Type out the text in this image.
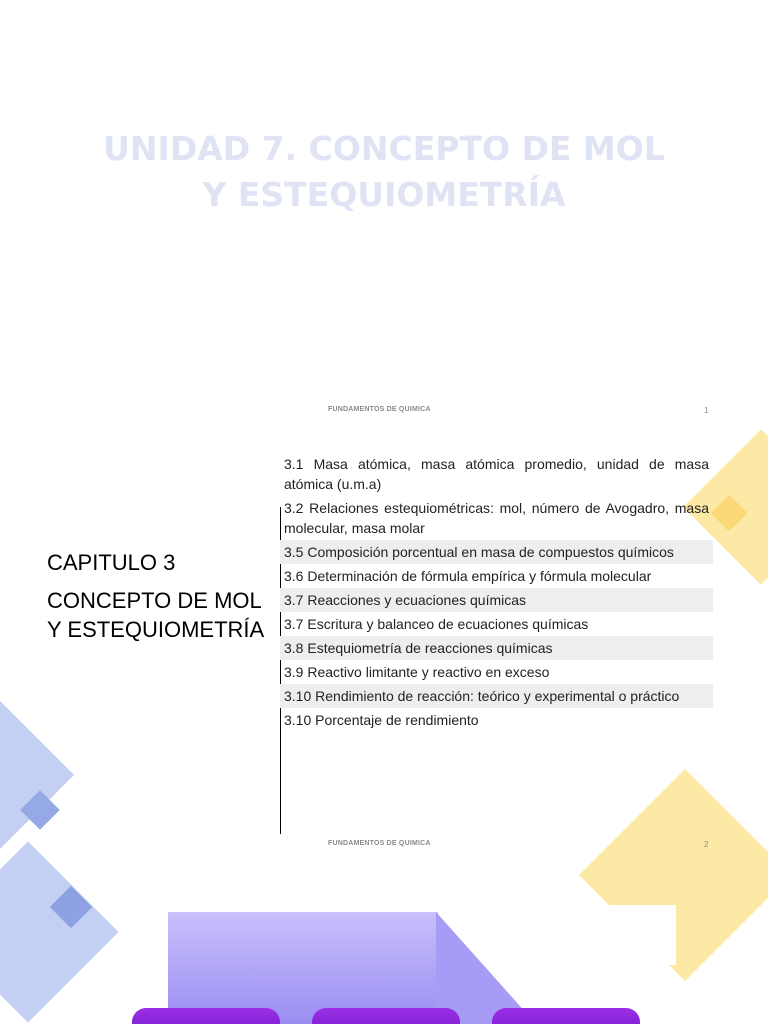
UNIDAD 7. CONCEPTO DE MOL
Y ESTEQUIOMETRÍA
FUNDAMENTOS DE QUIMICA	1
CAPITULO 3
CONCEPTO DE MOL
Y ESTEQUIOMETRÍA
3.1 Masa atómica, masa atómica promedio, unidad de masa atómica (u.m.a)
3.2 Relaciones estequiométricas: mol, número de Avogadro, masa molecular, masa molar
3.5 Composición porcentual en masa de compuestos químicos
3.6 Determinación de fórmula empírica y fórmula molecular
3.7 Reacciones y ecuaciones químicas
3.7 Escritura y balanceo de ecuaciones químicas
3.8 Estequiometría de reacciones químicas
3.9 Reactivo limitante y reactivo en exceso
3.10 Rendimiento de reacción: teórico y experimental o práctico
3.10 Porcentaje de rendimiento
FUNDAMENTOS DE QUIMICA	2
